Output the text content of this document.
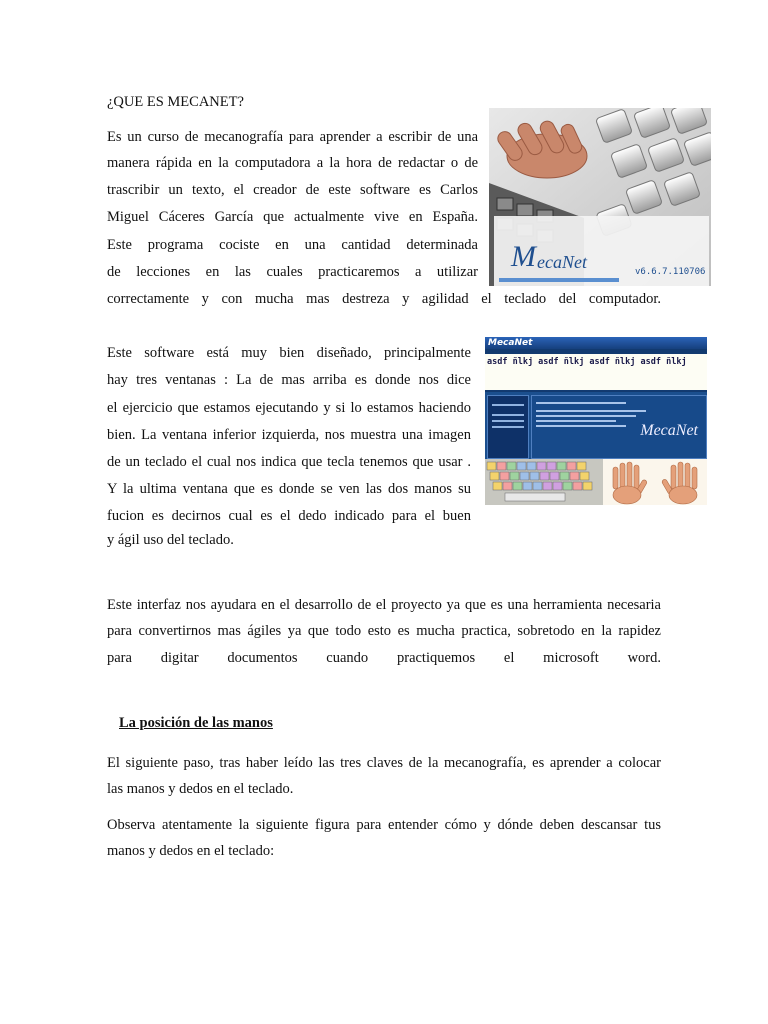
¿QUE ES MECANET?
Es un curso de mecanografía para aprender a escribir de una
manera rápida en la computadora a la hora de redactar o de
trascribir un texto, el creador de este software es Carlos
Miguel Cáceres García que actualmente vive en España.
Este programa cociste en una cantidad determinada
de lecciones en las cuales practicaremos a utilizar
correctamente y con mucha mas destreza y agilidad el teclado del computador.
Este software está muy bien diseñado, principalmente
hay tres ventanas : La de mas arriba es donde nos dice
el ejercicio que estamos ejecutando y si lo estamos haciendo
bien. La ventana inferior izquierda, nos muestra una imagen
de un teclado el cual nos indica que tecla tenemos que usar .
Y la ultima ventana que es donde se ven las dos manos su
fucion es decirnos cual es el dedo indicado para el buen
y ágil uso del teclado.
Este interfaz nos ayudara en el desarrollo de el proyecto ya que es una herramienta necesaria
para convertirnos mas ágiles ya que todo esto es mucha practica, sobretodo en la rapidez
para digitar documentos cuando practiquemos el microsoft word.
La posición de las manos
El siguiente paso, tras haber leído las tres claves de la mecanografía, es aprender a colocar
las manos y dedos en el teclado.
Observa atentamente la siguiente figura para entender cómo y dónde deben descansar tus
manos y dedos en el teclado:
M ecaNet	v6.6.7.110706
MecaNet
asdf ñlkj asdf ñlkj asdf ñlkj asdf ñlkj
MecaNet
